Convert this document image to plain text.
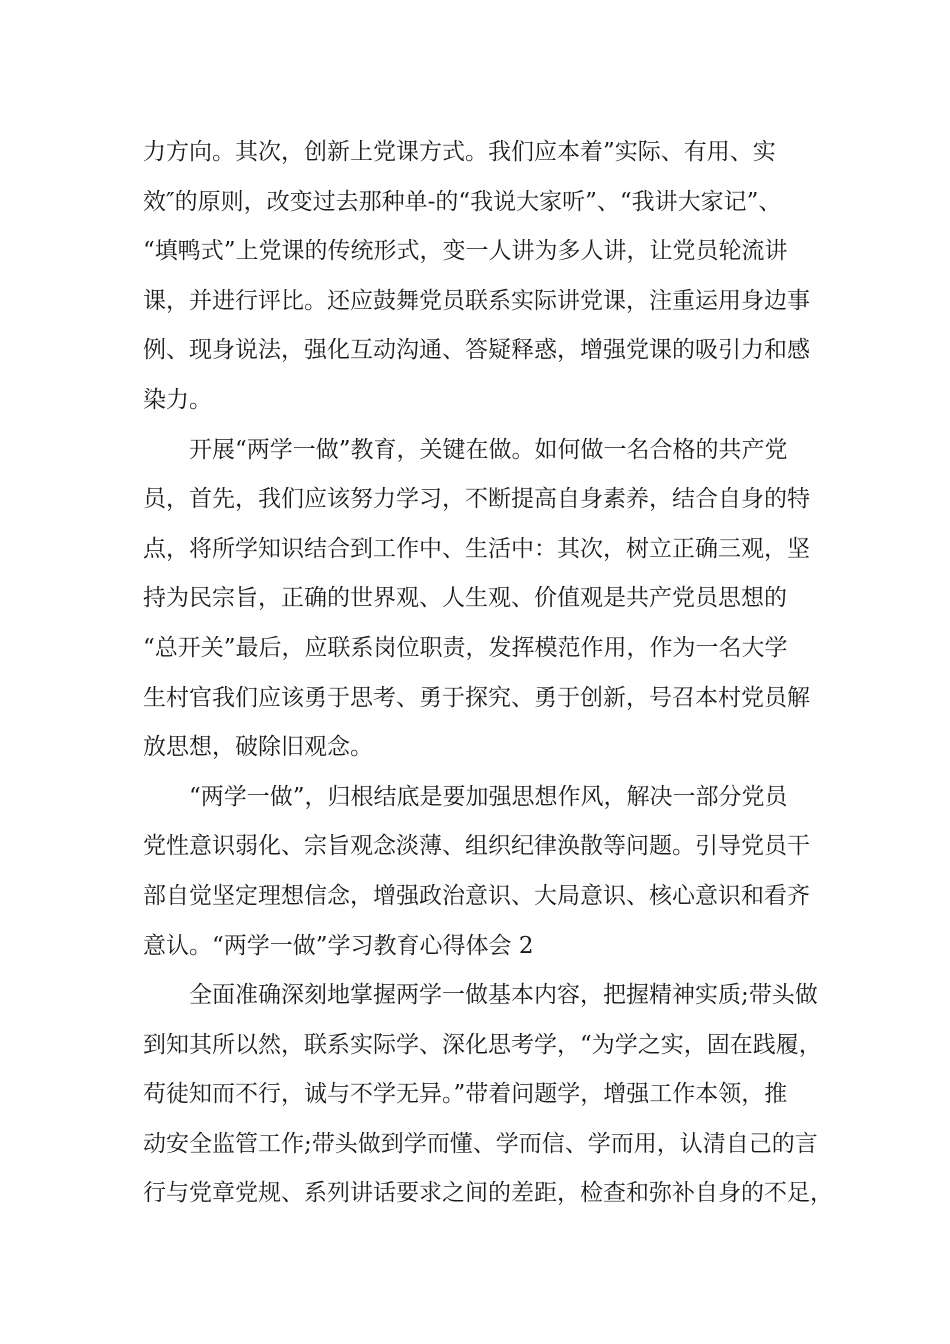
力方向。其次，创新上党课方式。我们应本着”实际、有用、实
效″的原则，改变过去那种单-的“我说大家听”、“我讲大家记”、
“填鸭式”上党课的传统形式，变一人讲为多人讲，让党员轮流讲
课，并进行评比。还应鼓舞党员联系实际讲党课，注重运用身边事
例、现身说法，强化互动沟通、答疑释惑，增强党课的吸引力和感
染力。
　　开展“两学一做”教育，关键在做。如何做一名合格的共产党
员，首先，我们应该努力学习，不断提高自身素养，结合自身的特
点，将所学知识结合到工作中、生活中：其次，树立正确三观，坚
持为民宗旨，正确的世界观、人生观、价值观是共产党员思想的
“总开关”最后，应联系岗位职责，发挥模范作用，作为一名大学
生村官我们应该勇于思考、勇于探究、勇于创新，号召本村党员解
放思想，破除旧观念。
　　“两学一做”，归根结底是要加强思想作风，解决一部分党员
党性意识弱化、宗旨观念淡薄、组织纪律涣散等问题。引导党员干
部自觉坚定理想信念，增强政治意识、大局意识、核心意识和看齐
意认。“两学一做”学习教育心得体会 2
　　全面准确深刻地掌握两学一做基本内容，把握精神实质;带头做
到知其所以然，联系实际学、深化思考学，“为学之实，固在践履，
苟徒知而不行，诚与不学无异。”带着问题学，增强工作本领，推
动安全监管工作;带头做到学而懂、学而信、学而用，认清自己的言
行与党章党规、系列讲话要求之间的差距，检查和弥补自身的不足，
